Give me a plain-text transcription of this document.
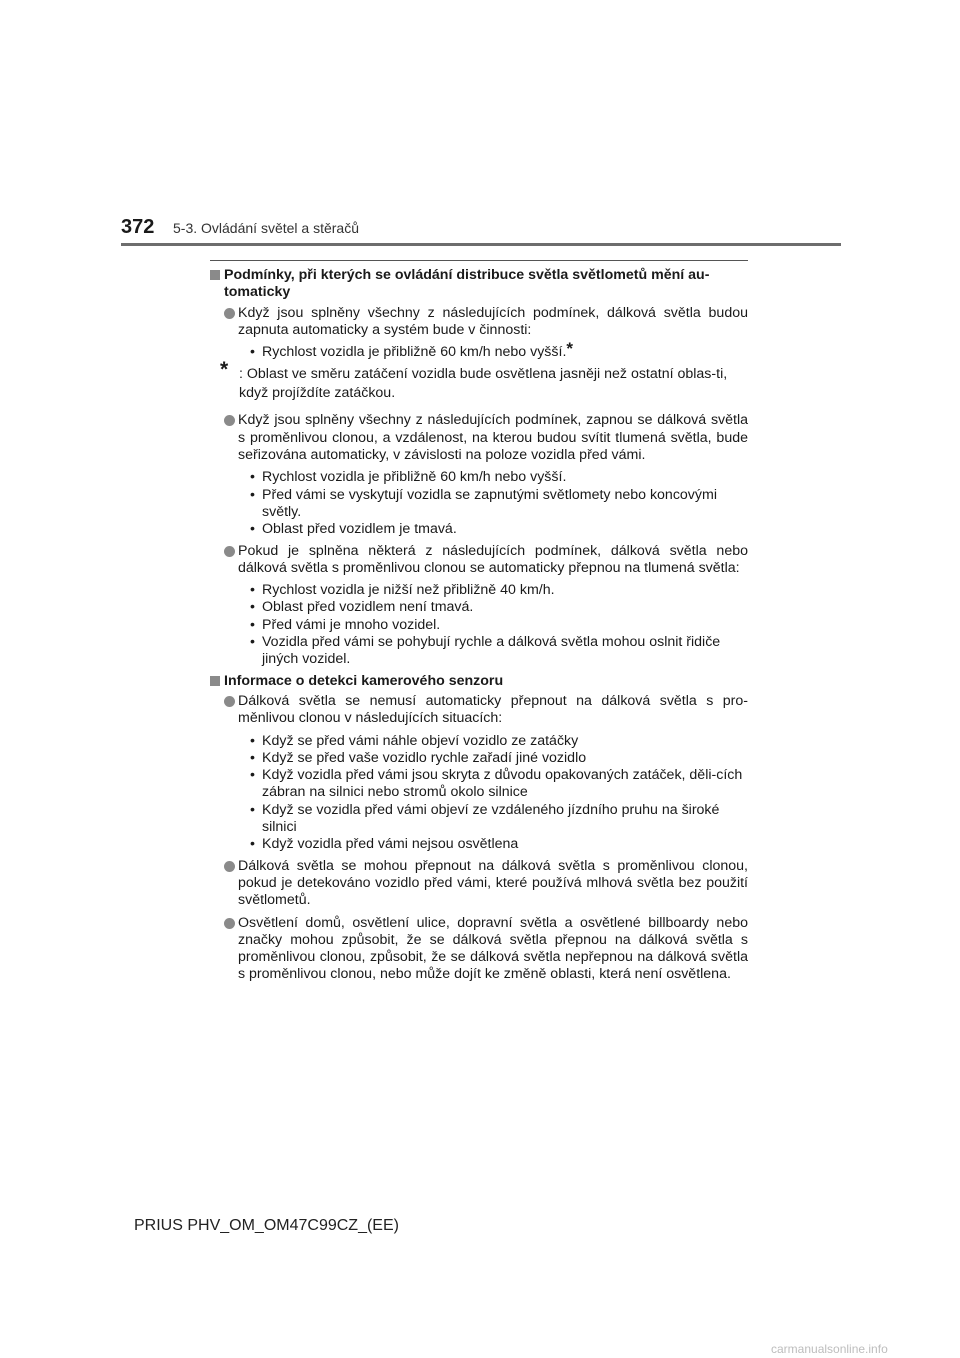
372 5-3. Ovládání světel a stěračů
Podmínky, při kterých se ovládání distribuce světla světlometů mění au-tomaticky
Když jsou splněny všechny z následujících podmínek, dálková světla budou zapnuta automaticky a systém bude v činnosti:
• Rychlost vozidla je přibližně 60 km/h nebo vyšší.*
* : Oblast ve směru zatáčení vozidla bude osvětlena jasněji než ostatní oblas-ti, když projíždíte zatáčkou.
Když jsou splněny všechny z následujících podmínek, zapnou se dálková světla s proměnlivou clonou, a vzdálenost, na kterou budou svítit tlumená světla, bude seřizována automaticky, v závislosti na poloze vozidla před vámi.
• Rychlost vozidla je přibližně 60 km/h nebo vyšší.
• Před vámi se vyskytují vozidla se zapnutými světlomety nebo koncovými světly.
• Oblast před vozidlem je tmavá.
Pokud je splněna některá z následujících podmínek, dálková světla nebo dálková světla s proměnlivou clonou se automaticky přepnou na tlumená světla:
• Rychlost vozidla je nižší než přibližně 40 km/h.
• Oblast před vozidlem není tmavá.
• Před vámi je mnoho vozidel.
• Vozidla před vámi se pohybují rychle a dálková světla mohou oslnit řidiče jiných vozidel.
Informace o detekci kamerového senzoru
Dálková světla se nemusí automaticky přepnout na dálková světla s pro-měnlivou clonou v následujících situacích:
• Když se před vámi náhle objeví vozidlo ze zatáčky
• Když se před vaše vozidlo rychle zařadí jiné vozidlo
• Když vozidla před vámi jsou skryta z důvodu opakovaných zatáček, děli-cích zábran na silnici nebo stromů okolo silnice
• Když se vozidla před vámi objeví ze vzdáleného jízdního pruhu na široké silnici
• Když vozidla před vámi nejsou osvětlena
Dálková světla se mohou přepnout na dálková světla s proměnlivou clonou, pokud je detekováno vozidlo před vámi, které používá mlhová světla bez použití světlometů.
Osvětlení domů, osvětlení ulice, dopravní světla a osvětlené billboardy nebo značky mohou způsobit, že se dálková světla přepnou na dálková světla s proměnlivou clonou, způsobit, že se dálková světla nepřepnou na dálková světla s proměnlivou clonou, nebo může dojít ke změně oblasti, která není osvětlena.
PRIUS PHV_OM_OM47C99CZ_(EE)
carmanualsonline.info
